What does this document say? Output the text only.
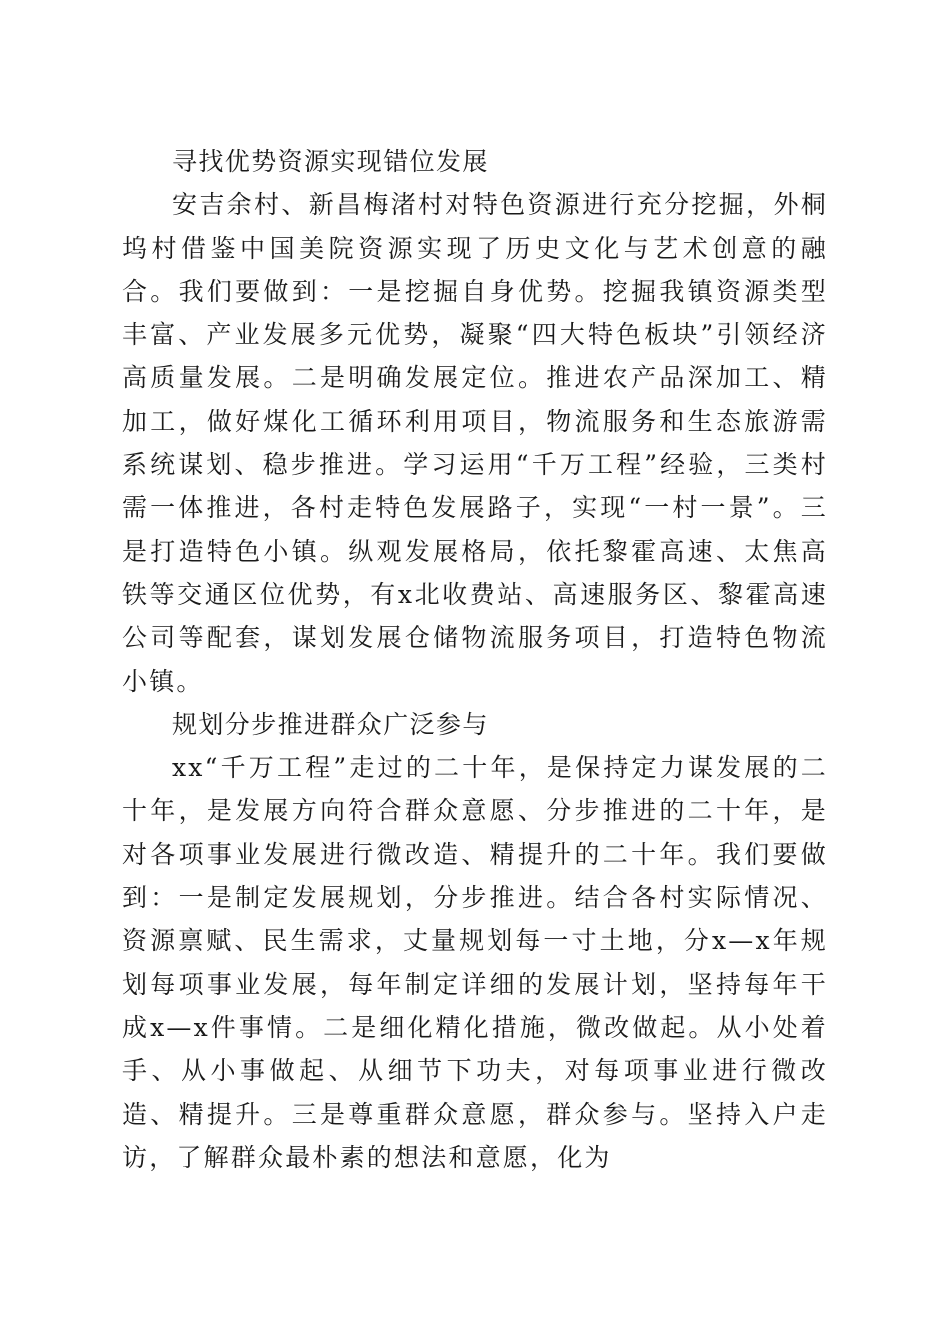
寻找优势资源实现错位发展

安吉余村、新昌梅渚村对特色资源进行充分挖掘，外桐坞村借鉴中国美院资源实现了历史文化与艺术创意的融合。我们要做到：一是挖掘自身优势。挖掘我镇资源类型丰富、产业发展多元优势，凝聚“四大特色板块”引领经济高质量发展。二是明确发展定位。推进农产品深加工、精加工，做好煤化工循环利用项目，物流服务和生态旅游需系统谋划、稳步推进。学习运用“千万工程”经验，三类村需一体推进，各村走特色发展路子，实现“一村一景”。三是打造特色小镇。纵观发展格局，依托黎霍高速、太焦高铁等交通区位优势，有x北收费站、高速服务区、黎霍高速公司等配套，谋划发展仓储物流服务项目，打造特色物流小镇。

规划分步推进群众广泛参与

xx“千万工程”走过的二十年，是保持定力谋发展的二十年，是发展方向符合群众意愿、分步推进的二十年，是对各项事业发展进行微改造、精提升的二十年。我们要做到：一是制定发展规划，分步推进。结合各村实际情况、资源禀赋、民生需求，丈量规划每一寸土地，分x—x年规划每项事业发展，每年制定详细的发展计划，坚持每年干成x—x件事情。二是细化精化措施，微改做起。从小处着手、从小事做起、从细节下功夫，对每项事业进行微改造、精提升。三是尊重群众意愿，群众参与。坚持入户走访，了解群众最朴素的想法和意愿，化为
